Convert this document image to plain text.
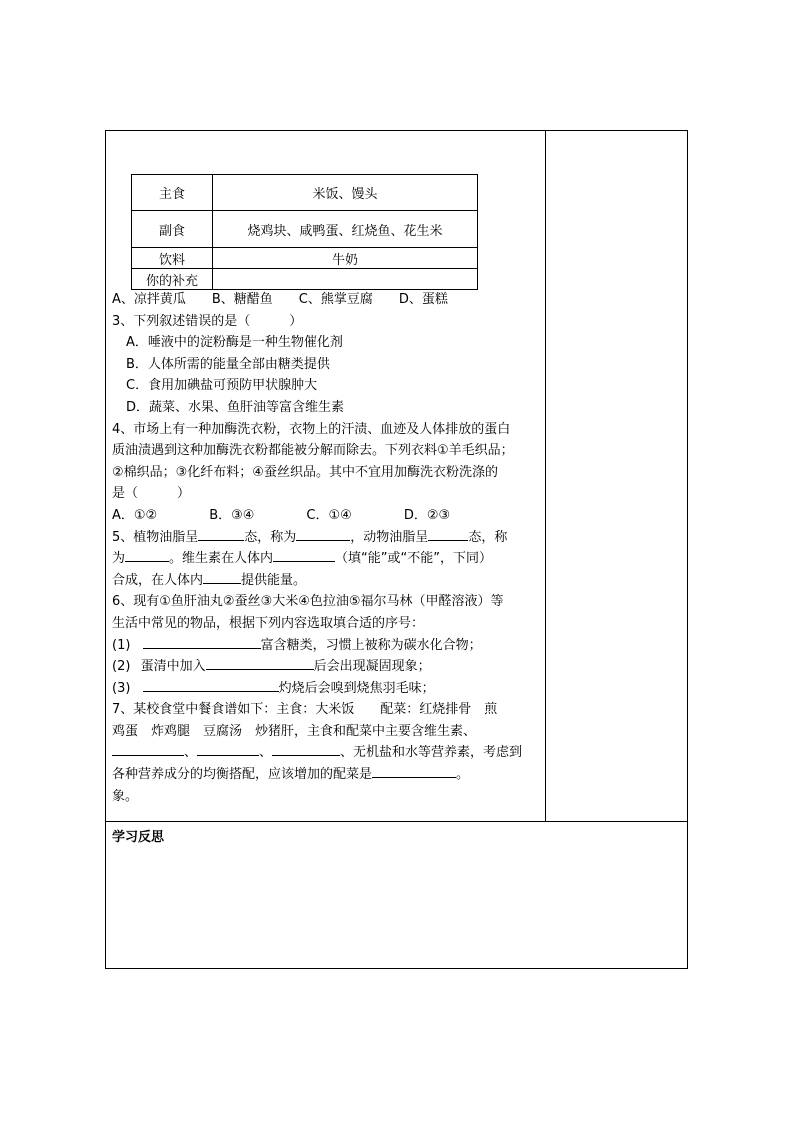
主食	米饭、馒头
副食	烧鸡块、咸鸭蛋、红烧鱼、花生米
饮料	牛奶
你的补充	

A、凉拌黄瓜　　B、糖醋鱼　　C、熊掌豆腐　　D、蛋糕

3、下列叙述错误的是（　　　）

A．唾液中的淀粉酶是一种生物催化剂

B．人体所需的能量全部由糖类提供

C．食用加碘盐可预防甲状腺肿大

D．蔬菜、水果、鱼肝油等富含维生素

4、市场上有一种加酶洗衣粉，衣物上的汗渍、血迹及人体排放的蛋白

质油渍遇到这种加酶洗衣粉都能被分解而除去。下列衣料①羊毛织品；

②棉织品；③化纤布料；④蚕丝织品。其中不宜用加酶洗衣粉洗涤的

是（　　　）

A．①②　　　　B．③④　　　　C．①④　　　　D．②③

5、植物油脂呈	态，称为	，动物油脂呈	态，称

为	。维生素在人体内	（填“能”或“不能”，下同）

合成，在人体内	提供能量。

6、现有①鱼肝油丸②蚕丝③大米④色拉油⑤福尔马林（甲醛溶液）等

生活中常见的物品，根据下列内容选取填合适的序号：

(1)	富含糖类，习惯上被称为碳水化合物；

(2) 蛋清中加入	后会出现凝固现象；

(3)	灼烧后会嗅到烧焦羽毛味；

7、某校食堂中餐食谱如下：主食：大米饭　　配菜：红烧排骨　煎

鸡蛋　炸鸡腿　豆腐汤　炒猪肝，主食和配菜中主要含维生素、

、	、	、无机盐和水等营养素，考虑到

各种营养成分的均衡搭配，应该增加的配菜是	。

象。

学习反思
